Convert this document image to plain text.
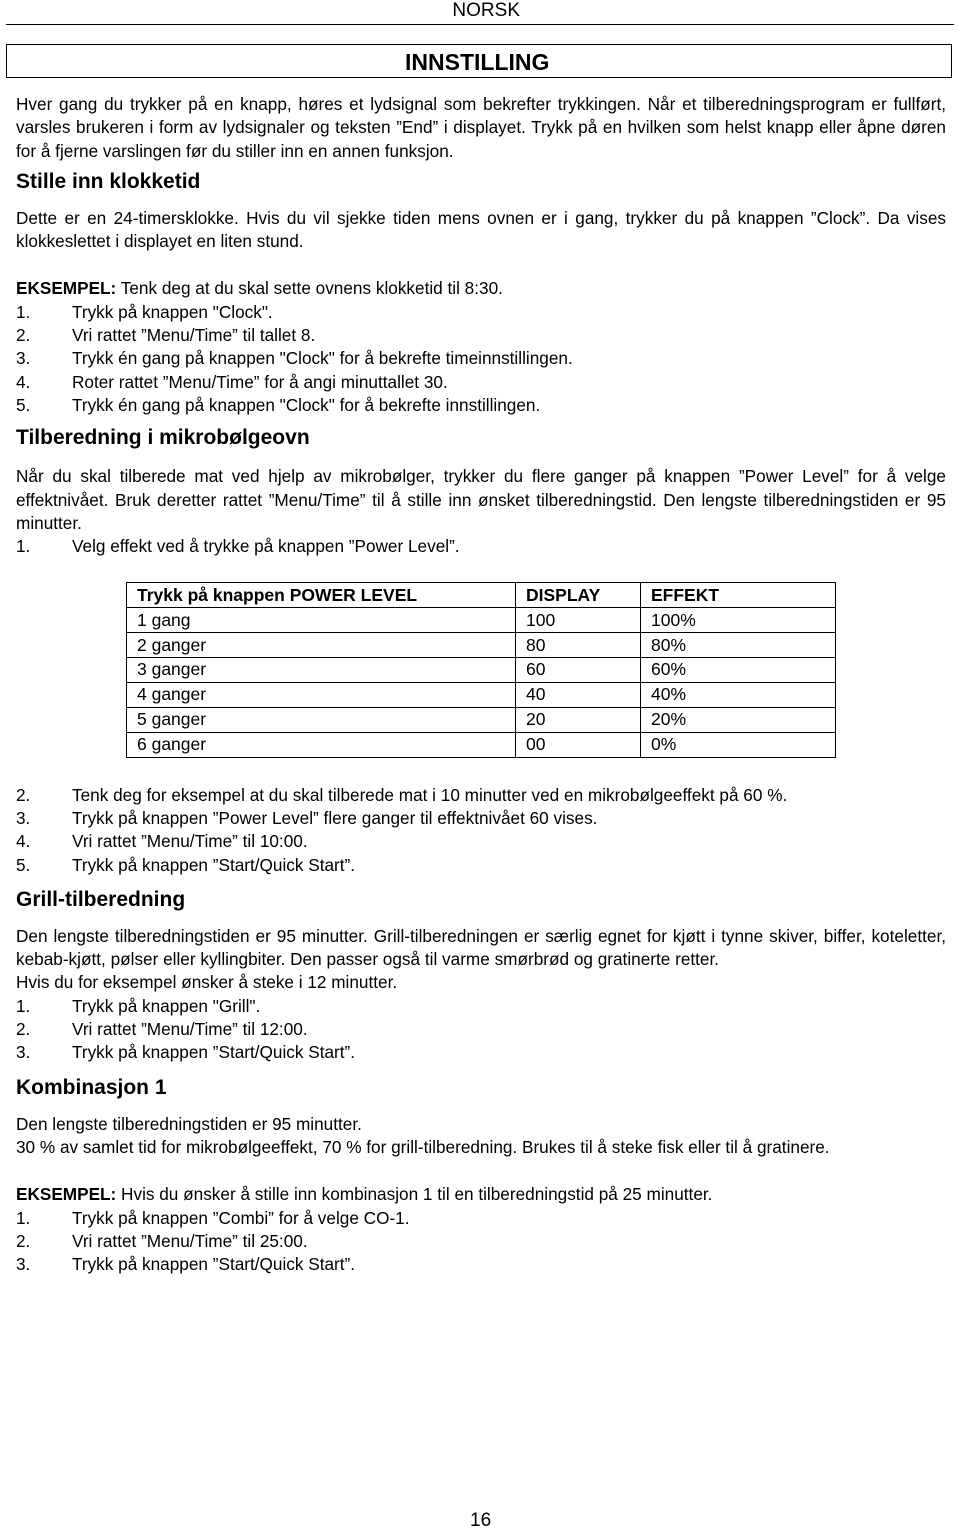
NORSK
INNSTILLING

Hver gang du trykker på en knapp, høres et lydsignal som bekrefter trykkingen. Når et tilberedningsprogram er fullført, varsles brukeren i form av lydsignaler og teksten ”End” i displayet. Trykk på en hvilken som helst knapp eller åpne døren for å fjerne varslingen før du stiller inn en annen funksjon.

Stille inn klokketid

Dette er en 24-timersklokke. Hvis du vil sjekke tiden mens ovnen er i gang, trykker du på knappen ”Clock”. Da vises klokkeslettet i displayet en liten stund.

EKSEMPEL: Tenk deg at du skal sette ovnens klokketid til 8:30.

1. Trykk på knappen "Clock".
2. Vri rattet ”Menu/Time” til tallet 8.
3. Trykk én gang på knappen "Clock" for å bekrefte timeinnstillingen.
4. Roter rattet ”Menu/Time” for å angi minuttallet 30.
5. Trykk én gang på knappen "Clock" for å bekrefte innstillingen.
Tilberedning i mikrobølgeovn

Når du skal tilberede mat ved hjelp av mikrobølger, trykker du flere ganger på knappen ”Power Level” for å velge effektnivået. Bruk deretter rattet ”Menu/Time” til å stille inn ønsket tilberedningstid. Den lengste tilberedningstiden er 95 minutter.

1. Velg effekt ved å trykke på knappen ”Power Level”.
Trykk på knappen POWER LEVEL	DISPLAY	EFFEKT
1 gang	100	100%
2 ganger	80	80%
3 ganger	60	60%
4 ganger	40	40%
5 ganger	20	20%
6 ganger	00	0%
2. Tenk deg for eksempel at du skal tilberede mat i 10 minutter ved en mikrobølgeeffekt på 60 %.
3. Trykk på knappen ”Power Level” flere ganger til effektnivået 60 vises.
4. Vri rattet ”Menu/Time” til 10:00.
5. Trykk på knappen ”Start/Quick Start”.
Grill-tilberedning

Den lengste tilberedningstiden er 95 minutter. Grill-tilberedningen er særlig egnet for kjøtt i tynne skiver, biffer, koteletter, kebab-kjøtt, pølser eller kyllingbiter. Den passer også til varme smørbrød og gratinerte retter.

Hvis du for eksempel ønsker å steke i 12 minutter.

1. Trykk på knappen "Grill".
2. Vri rattet ”Menu/Time” til 12:00.
3. Trykk på knappen ”Start/Quick Start”.
Kombinasjon 1

Den lengste tilberedningstiden er 95 minutter.

30 % av samlet tid for mikrobølgeeffekt, 70 % for grill-tilberedning. Brukes til å steke fisk eller til å gratinere.

EKSEMPEL: Hvis du ønsker å stille inn kombinasjon 1 til en tilberedningstid på 25 minutter.

1. Trykk på knappen ”Combi” for å velge CO-1.
2. Vri rattet ”Menu/Time” til 25:00.
3. Trykk på knappen ”Start/Quick Start”.
16
